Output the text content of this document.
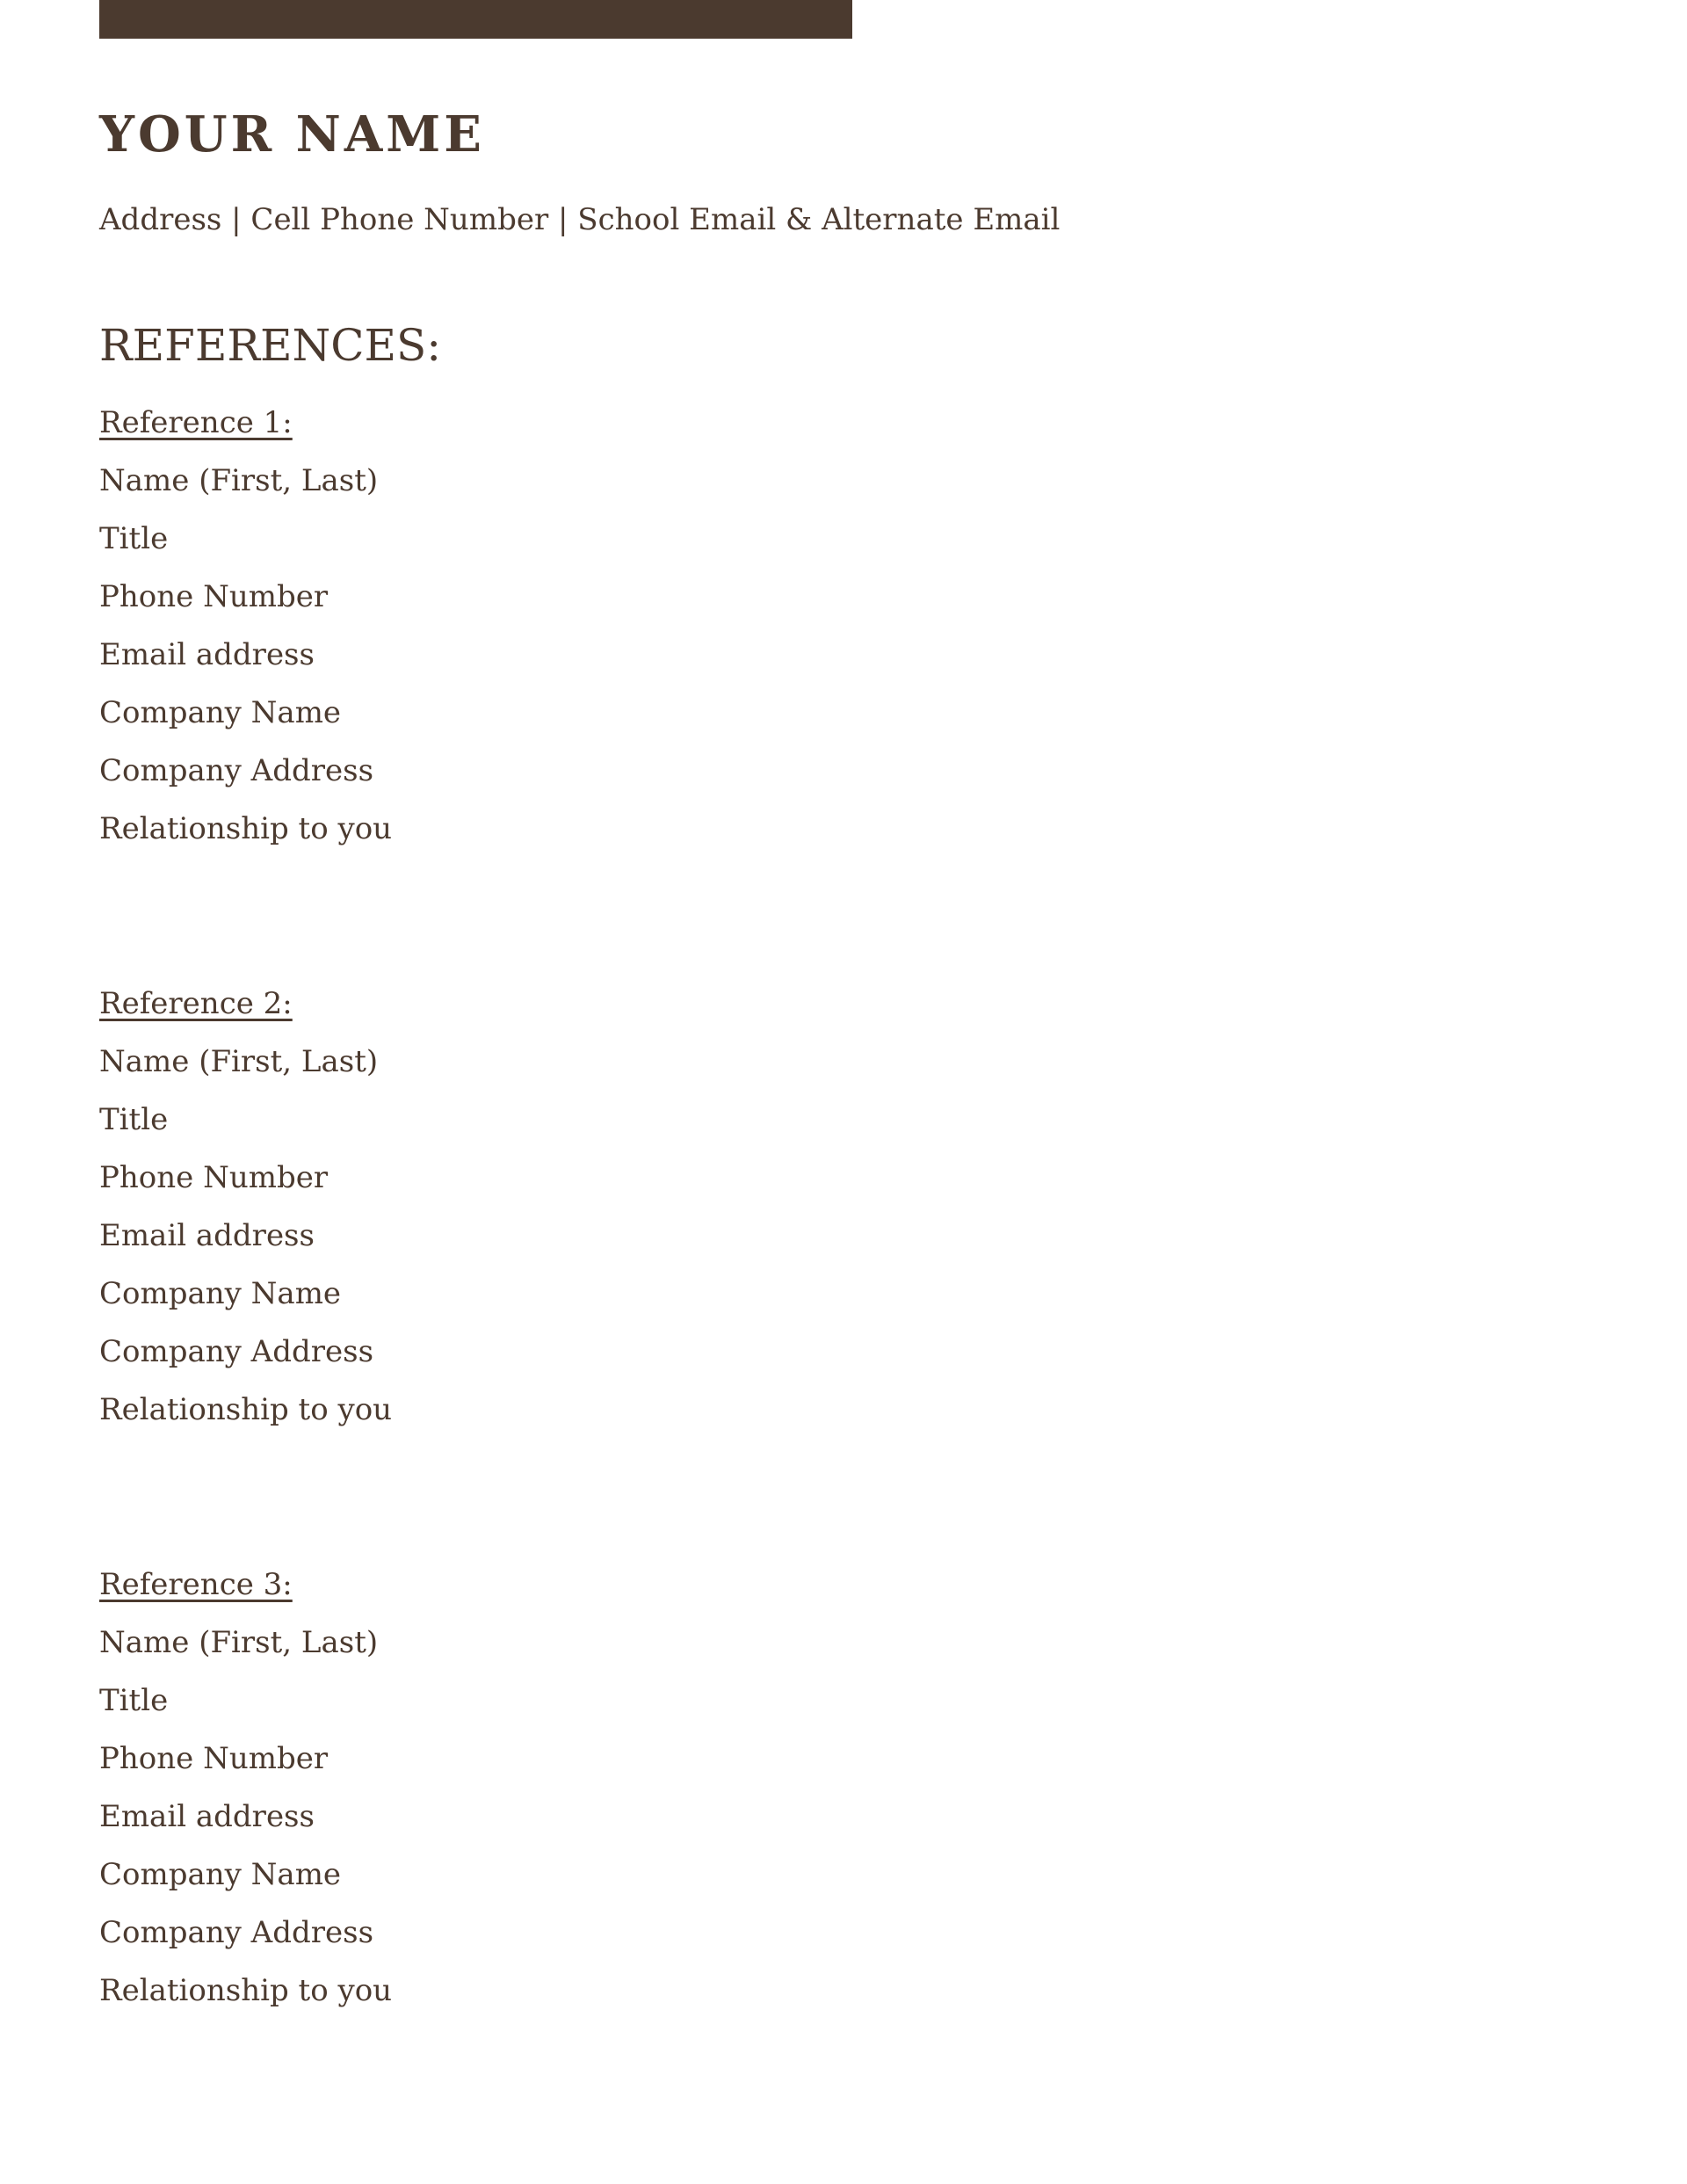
YOUR NAME
Address | Cell Phone Number | School Email & Alternate Email
REFERENCES:
Reference 1:
Name (First, Last)
Title
Phone Number
Email address
Company Name
Company Address
Relationship to you
Reference 2:
Name (First, Last)
Title
Phone Number
Email address
Company Name
Company Address
Relationship to you
Reference 3:
Name (First, Last)
Title
Phone Number
Email address
Company Name
Company Address
Relationship to you
